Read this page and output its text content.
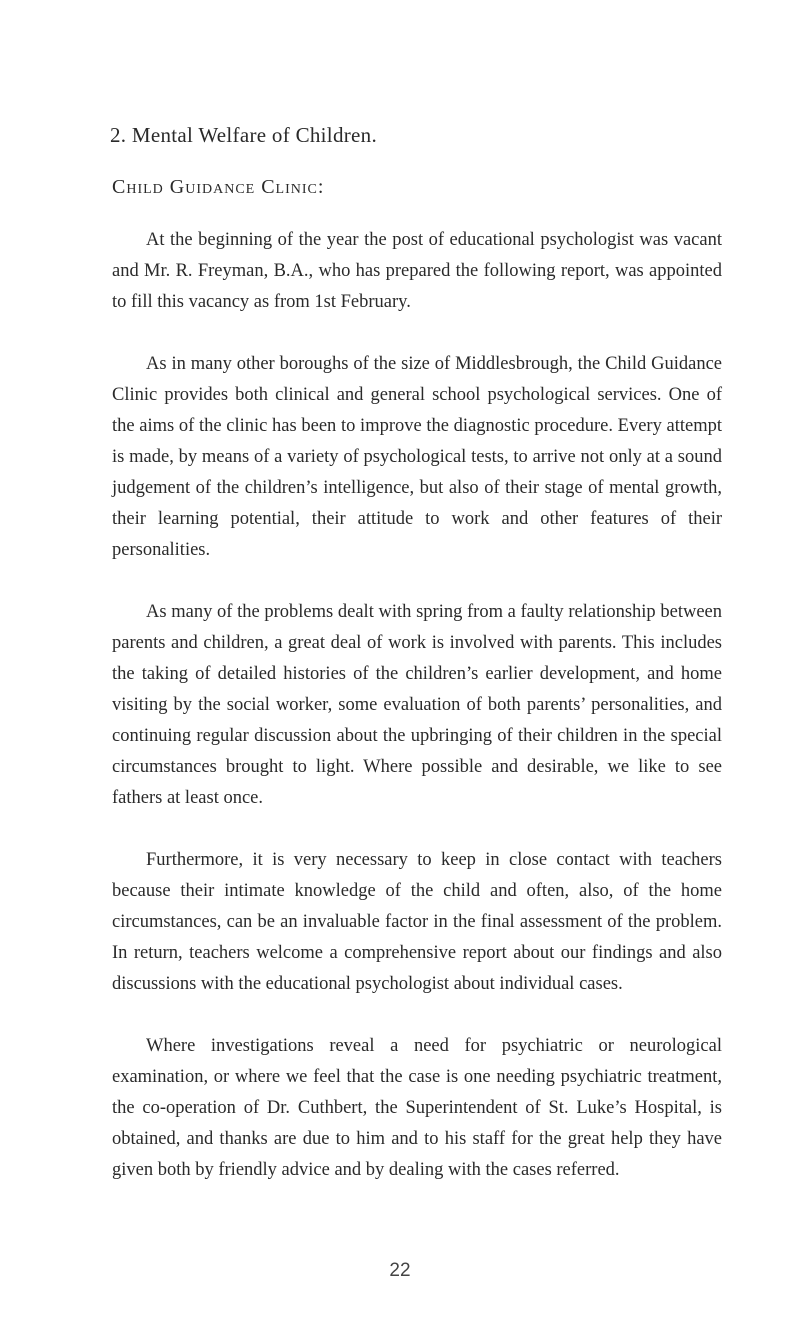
2. Mental Welfare of Children.
Child Guidance Clinic:

At the beginning of the year the post of educational psychologist was vacant and Mr. R. Freyman, B.A., who has prepared the following report, was appointed to fill this vacancy as from 1st February.

As in many other boroughs of the size of Middlesbrough, the Child Guidance Clinic provides both clinical and general school psychological services. One of the aims of the clinic has been to improve the diagnostic procedure. Every attempt is made, by means of a variety of psychological tests, to arrive not only at a sound judgement of the children’s intelligence, but also of their stage of mental growth, their learning potential, their attitude to work and other features of their personalities.

As many of the problems dealt with spring from a faulty relationship between parents and children, a great deal of work is involved with parents. This includes the taking of detailed histories of the children’s earlier development, and home visiting by the social worker, some evaluation of both parents’ personalities, and continuing regular discussion about the upbringing of their children in the special circumstances brought to light. Where possible and desirable, we like to see fathers at least once.

Furthermore, it is very necessary to keep in close contact with teachers because their intimate knowledge of the child and often, also, of the home circumstances, can be an invaluable factor in the final assessment of the problem. In return, teachers welcome a comprehensive report about our findings and also discussions with the educational psychologist about individual cases.

Where investigations reveal a need for psychiatric or neurological examination, or where we feel that the case is one needing psychiatric treatment, the co-operation of Dr. Cuthbert, the Superintendent of St. Luke’s Hospital, is obtained, and thanks are due to him and to his staff for the great help they have given both by friendly advice and by dealing with the cases referred.

22
